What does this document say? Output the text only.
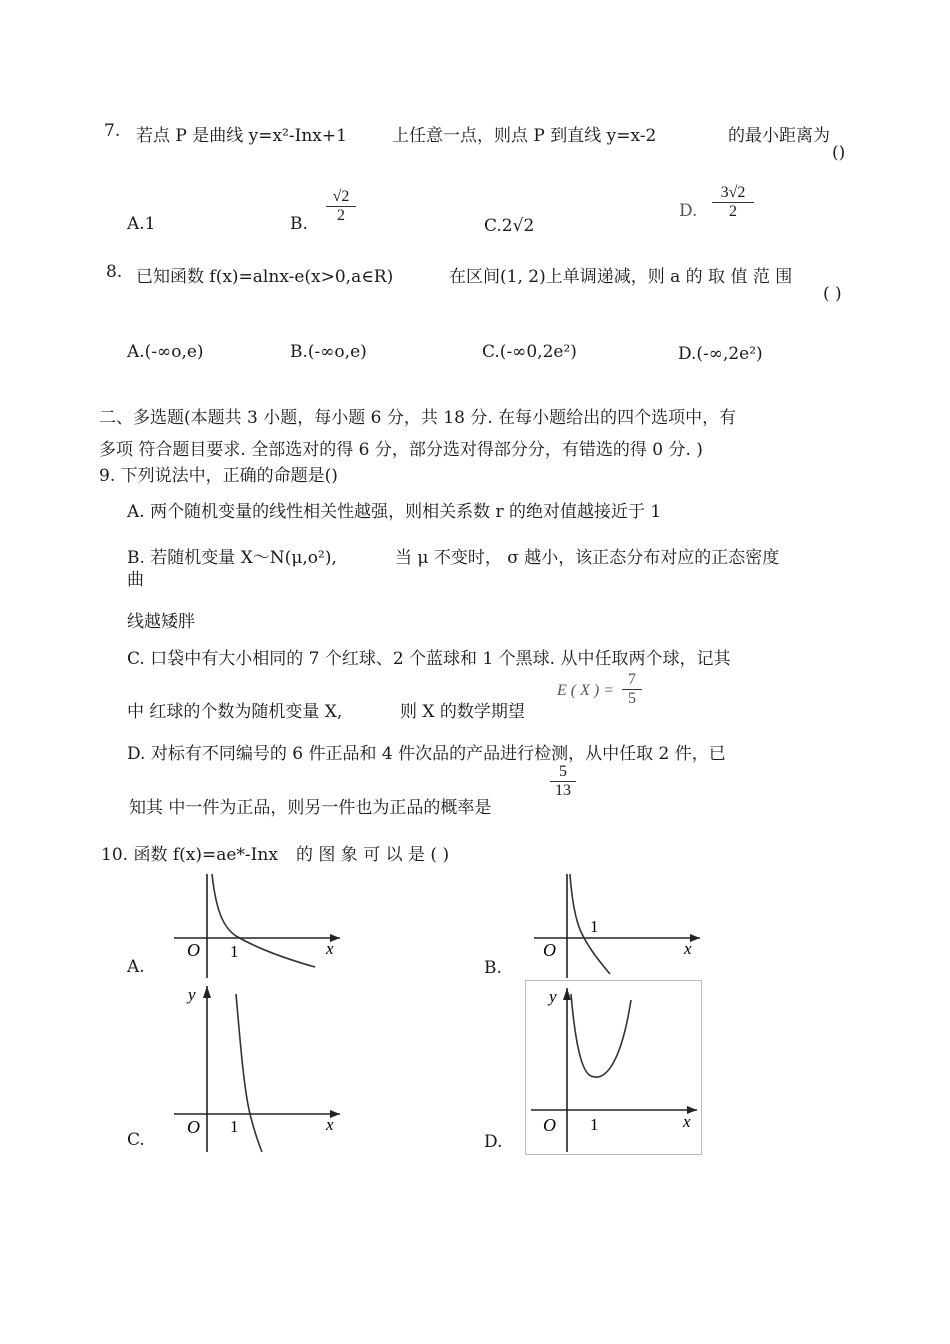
7. 若点 P 是曲线 y=x²-Inx+1	上任意一点，则点 P 到直线 y=x-2	的最小距离为
()
A.1	B. $\frac{√2}{2}$
C.2√2
D. $\frac{3√2}{2}$
8. 已知函数 f(x)=alnx-e(x>0,a∈R)	在区间(1, 2)上单调递减，则 a 的 取 值 范 围
( )
A.(-∞o,e)	B.(-∞o,e)	C.(-∞0,2e²)	D.(-∞,2e²)
二、多选题(本题共 3 小题，每小题 6 分，共 18 分. 在每小题给出的四个选项中，有
多项 符合题目要求. 全部选对的得 6 分，部分选对得部分分，有错选的得 0 分. )
9. 下列说法中，正确的命题是()
A. 两个随机变量的线性相关性越强，则相关系数 r 的绝对值越接近于 1
B. 若随机变量 X～N(μ,o²),	当 μ 不变时， σ 越小，该正态分布对应的正态密度
曲
线越矮胖
C. 口袋中有大小相同的 7 个红球、2 个蓝球和 1 个黑球. 从中任取两个球，记其
中 红球的个数为随机变量 X,	则 X 的数学期望
E ( X ) = $\frac{7}{5}$
D. 对标有不同编号的 6 件正品和 4 件次品的产品进行检测，从中任取 2 件，已
知其 中一件为正品，则另一件也为正品的概率是
$\frac{5}{13}$
10. 函数 f(x)=ae*-Inx 的 图 象 可 以 是 ( )
A.	B.
C.	D.
O 1	x	O
1
x
y
O 1	x
y
O 1	x
